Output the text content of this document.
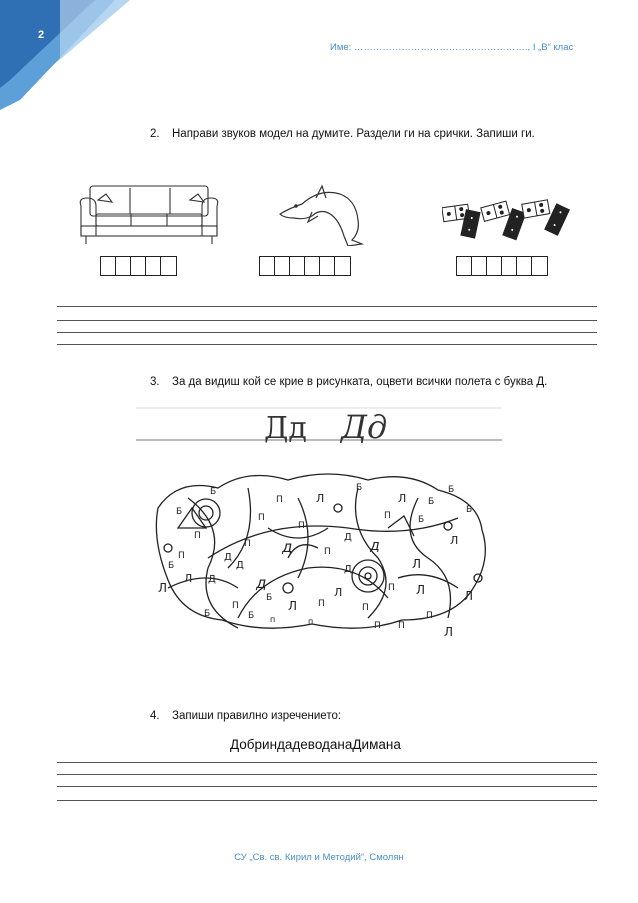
2
Име: ………………………………………………., I „В“ клас
2. Направи звуков модел на думите. Раздели ги на срички. Запиши ги.
3. За да видиш кой се крие в рисунката, оцвети всички полета с буква Д.
Дд Дд
Б
Б
Л
Б
П	Б
Б
П
Л
П
Б
П
Б
Л
Д
д
Д
д
П
П
Д
Л
Л
Л
Д	д	П
Л
Л
Б
П
Б п
П
Л
Д
П
Л
П
п
Б
П
П
Б
П
П
Л
4. Запиши правилно изречението:
ДобриндадеводанаДимана
СУ „Св. св. Кирил и Методий“, Смолян
